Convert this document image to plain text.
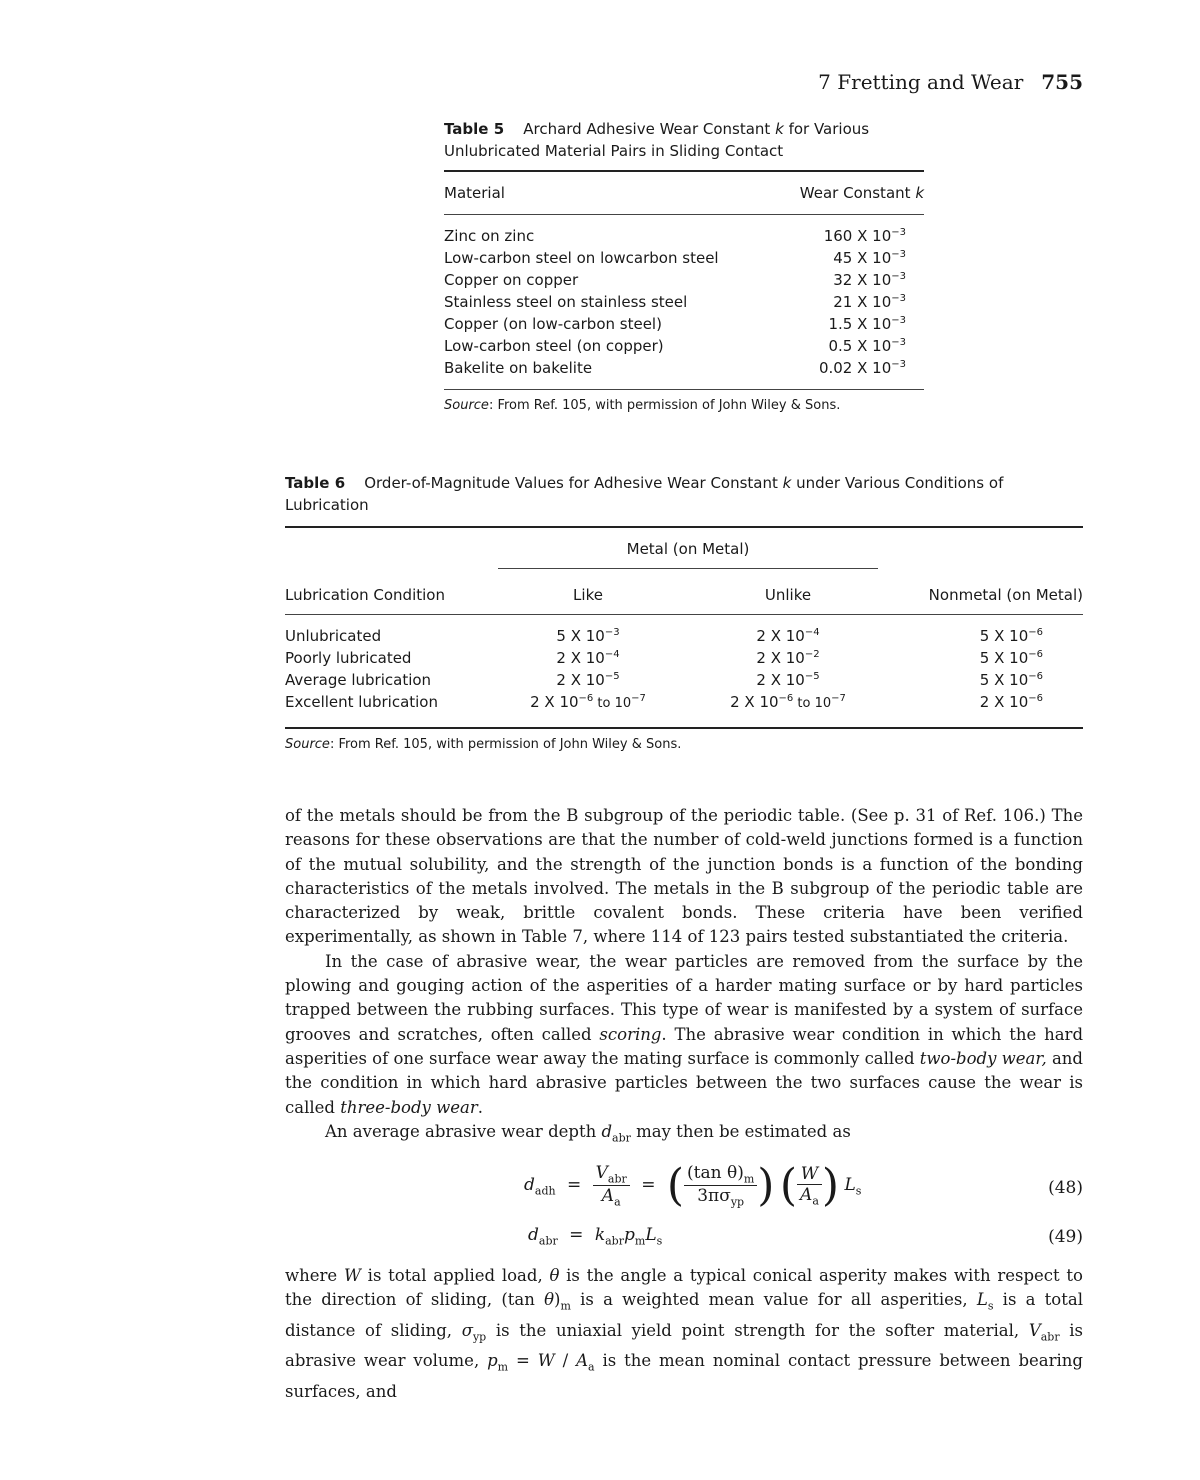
7 Fretting and Wear 755
Table 5 Archard Adhesive Wear Constant k for Various
Unlubricated Material Pairs in Sliding Contact
Material	Wear Constant k
Zinc on zinc	160 X $10^{-3}$
Low-carbon steel on lowcarbon steel	45 X $10^{-3}$
Copper on copper	32 X $10^{-3}$
Stainless steel on stainless steel	21 X $10^{-3}$
Copper (on low-carbon steel)	1.5 X $10^{-3}$
Low-carbon steel (on copper)	0.5 X $10^{-3}$
Bakelite on bakelite	0.02 X $10^{-3}$
Source: From Ref. 105, with permission of John Wiley & Sons.
Table 6 Order-of-Magnitude Values for Adhesive Wear Constant k under Various Conditions of
Lubrication
Metal (on Metal)
Lubrication Condition	Like	Unlike	Nonmetal (on Metal)
Unlubricated	5 X $10^{-3}$	2 X $10^{-4}$	5 X $10^{-6}$
Poorly lubricated	2 X $10^{-4}$	2 X $10^{-2}$	5 X $10^{-6}$
Average lubrication	2 X $10^{-5}$	2 X $10^{-5}$	5 X $10^{-6}$
Excellent lubrication	2 X $10^{-6}$ to $10^{-7}$	2 X $10^{-6}$ to $10^{-7}$	2 X $10^{-6}$
Source: From Ref. 105, with permission of John Wiley & Sons.

of the metals should be from the B subgroup of the periodic table. (See p. 31 of Ref. 106.) The reasons for these observations are that the number of cold-weld junctions formed is a function of the mutual solubility, and the strength of the junction bonds is a function of the bonding characteristics of the metals involved. The metals in the B subgroup of the periodic table are characterized by weak, brittle covalent bonds. These criteria have been verified experimentally, as shown in Table 7, where 114 of 123 pairs tested substantiated the criteria.

In the case of abrasive wear, the wear particles are removed from the surface by the plowing and gouging action of the asperities of a harder mating surface or by hard particles trapped between the rubbing surfaces. This type of wear is manifested by a system of surface grooves and scratches, often called scoring. The abrasive wear condition in which the hard asperities of one surface wear away the mating surface is commonly called two-body wear, and the condition in which hard abrasive particles between the two surfaces cause the wear is called three-body wear.

An average abrasive wear depth $d_{abr}$ may then be estimated as

$d_{adh} = \frac{V_{abr}}{A_a}$ = ( $\frac{(\tan \theta)_m}{3\pi\sigma_{yp}}$ ) ( $\frac{W}{A_a}$ ) $L_s$	(48)
$d_{abr} = k_{abr}p_mL_s$	(49)

where W is total applied load, θ is the angle a typical conical asperity makes with respect to the direction of sliding, (tan $\theta)_m$ is a weighted mean value for all asperities, $L_s$ is a total distance of sliding, $\sigma_{yp}$ is the uniaxial yield point strength for the softer material, $V_{abr}$ is abrasive wear volume, $p_m = W / A_a$ is the mean nominal contact pressure between bearing surfaces, and
